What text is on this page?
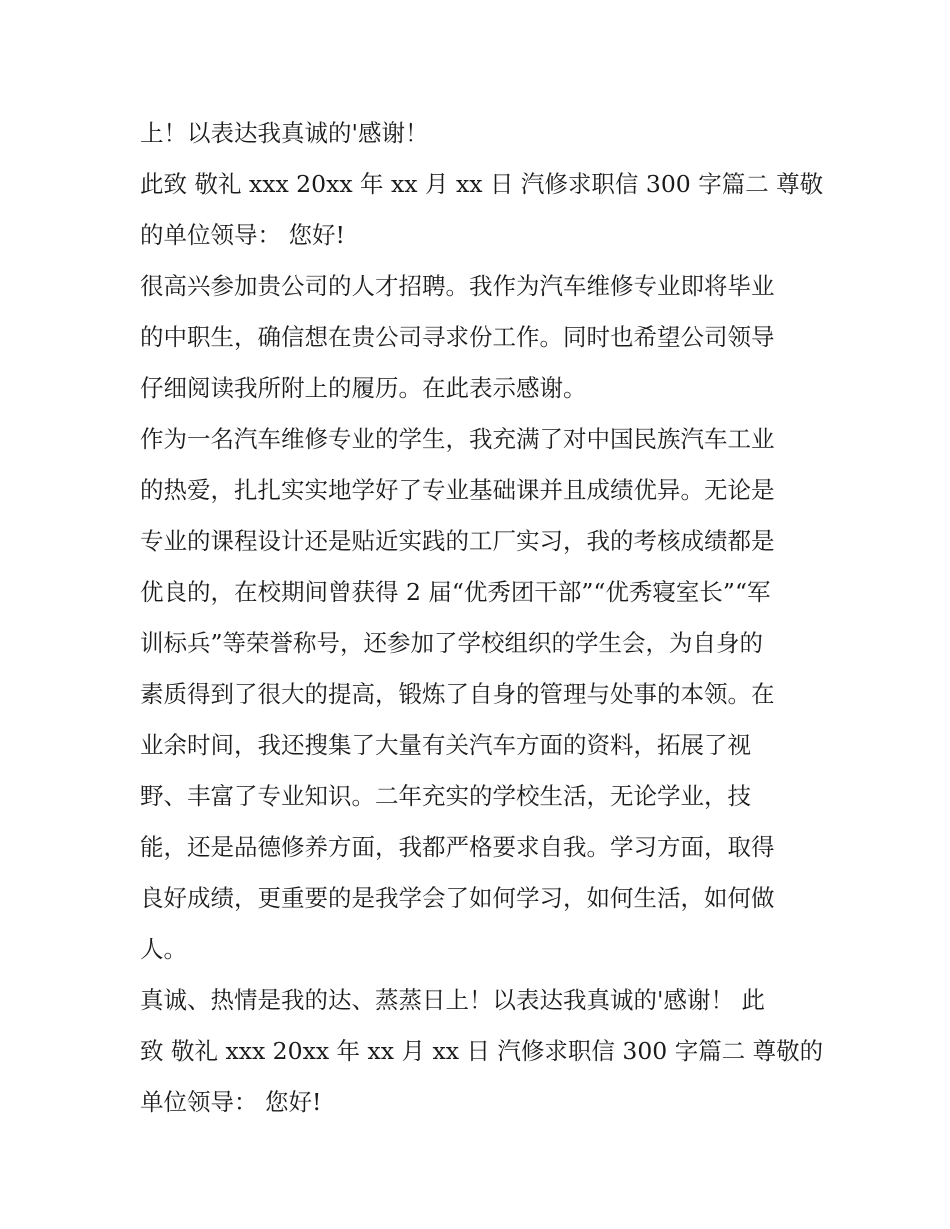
上！以表达我真诚的'感谢！
此致 敬礼 xxx 20xx 年 xx 月 xx 日 汽修求职信 300 字篇二 尊敬
的单位领导： 您好!
很高兴参加贵公司的人才招聘。我作为汽车维修专业即将毕业
的中职生，确信想在贵公司寻求份工作。同时也希望公司领导
仔细阅读我所附上的履历。在此表示感谢。
作为一名汽车维修专业的学生，我充满了对中国民族汽车工业
的热爱，扎扎实实地学好了专业基础课并且成绩优异。无论是
专业的课程设计还是贴近实践的工厂实习，我的考核成绩都是
优良的，在校期间曾获得 2 届“优秀团干部”“优秀寝室长”“军
训标兵”等荣誉称号，还参加了学校组织的学生会，为自身的
素质得到了很大的提高，锻炼了自身的管理与处事的本领。在
业余时间，我还搜集了大量有关汽车方面的资料，拓展了视
野、丰富了专业知识。二年充实的学校生活，无论学业，技
能，还是品德修养方面，我都严格要求自我。学习方面，取得
良好成绩，更重要的是我学会了如何学习，如何生活，如何做
人。
真诚、热情是我的达、蒸蒸日上！以表达我真诚的'感谢！ 此
致 敬礼 xxx 20xx 年 xx 月 xx 日 汽修求职信 300 字篇二 尊敬的
单位领导： 您好!
